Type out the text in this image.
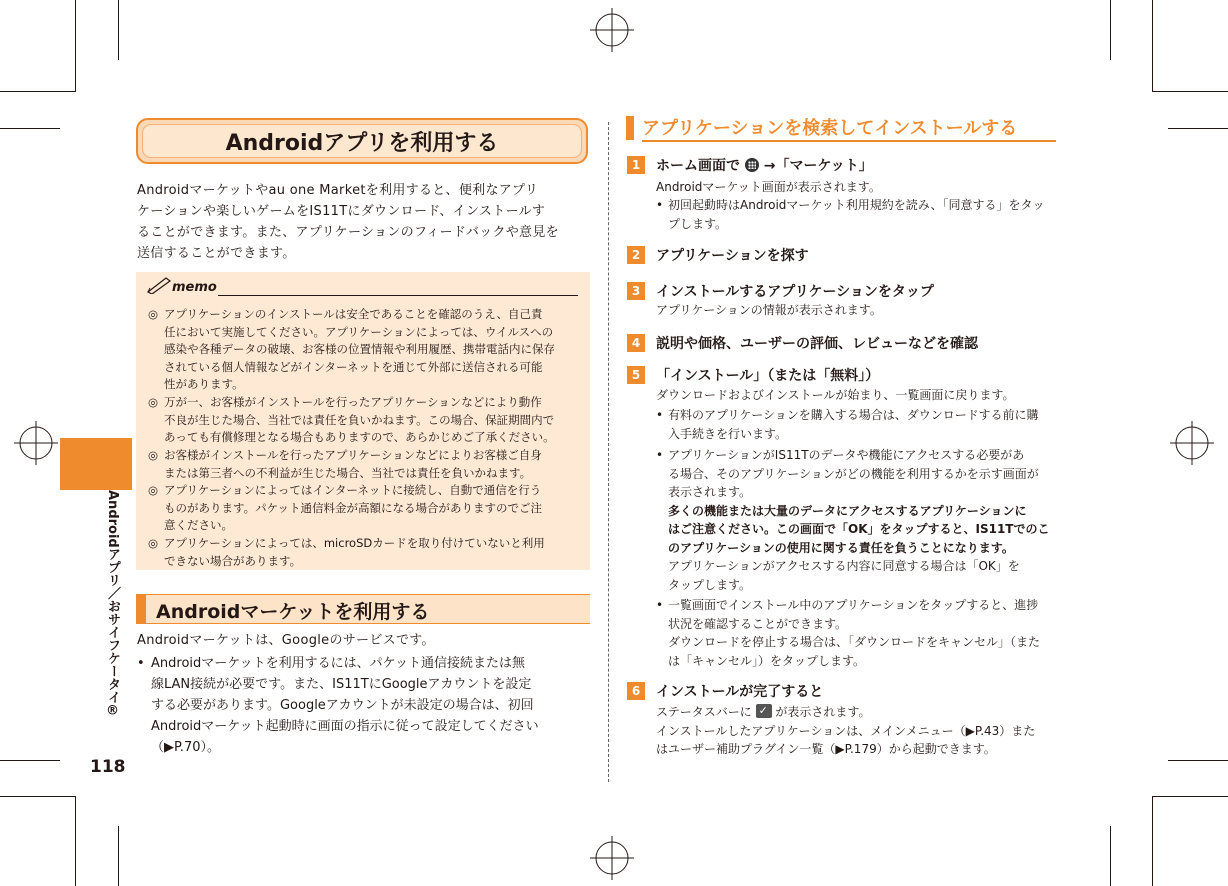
Androidアプリ／おサイフケータイ®
118
Androidアプリを利用する
Androidマーケットやau one Marketを利用すると、便利なアプリ
ケーションや楽しいゲームをIS11Tにダウンロード、インストールす
ることができます。また、アプリケーションのフィードバックや意見を
送信することができます。
memo
◎ アプリケーションのインストールは安全であることを確認のうえ、自己責
任において実施してください。アプリケーションによっては、ウイルスへの
感染や各種データの破壊、お客様の位置情報や利用履歴、携帯電話内に保存
されている個人情報などがインターネットを通じて外部に送信される可能
性があります。
◎ 万が一、お客様がインストールを行ったアプリケーションなどにより動作
不良が生じた場合、当社では責任を負いかねます。この場合、保証期間内で
あっても有償修理となる場合もありますので、あらかじめご了承ください。
◎ お客様がインストールを行ったアプリケーションなどによりお客様ご自身
または第三者への不利益が生じた場合、当社では責任を負いかねます。
◎ アプリケーションによってはインターネットに接続し、自動で通信を行う
ものがあります。パケット通信料金が高額になる場合がありますのでご注
意ください。
◎ アプリケーションによっては、microSDカードを取り付けていないと利用
できない場合があります。
Androidマーケットを利用する
Androidマーケットは、Googleのサービスです。
• Androidマーケットを利用するには、パケット通信接続または無
線LAN接続が必要です。また、IS11TにGoogleアカウントを設定
する必要があります。Googleアカウントが未設定の場合は、初回
Androidマーケット起動時に画面の指示に従って設定してください
（▶P.70）。
アプリケーションを検索してインストールする
1	ホーム画面で →「マーケット」
Androidマーケット画面が表示されます。
• 初回起動時はAndroidマーケット利用規約を読み、「同意する」をタッ
プします。
2	アプリケーションを探す
3	インストールするアプリケーションをタップ
アプリケーションの情報が表示されます。
4	説明や価格、ユーザーの評価、レビューなどを確認
5	「インストール」（または「無料」）
ダウンロードおよびインストールが始まり、一覧画面に戻ります。
• 有料のアプリケーションを購入する場合は、ダウンロードする前に購
入手続きを行います。
• アプリケーションがIS11Tのデータや機能にアクセスする必要があ
る場合、そのアプリケーションがどの機能を利用するかを示す画面が
表示されます。
多くの機能または大量のデータにアクセスするアプリケーションに
はご注意ください。この画面で「OK」をタップすると、IS11Tでのこ
のアプリケーションの使用に関する責任を負うことになります。
アプリケーションがアクセスする内容に同意する場合は「OK」を
タップします。
• 一覧画面でインストール中のアプリケーションをタップすると、進捗
状況を確認することができます。
ダウンロードを停止する場合は、「ダウンロードをキャンセル」（また
は「キャンセル」）をタップします。
6	インストールが完了すると
ステータスバーに ✓ が表示されます。
インストールしたアプリケーションは、メインメニュー（▶P.43）また
はユーザー補助プラグイン一覧（▶P.179）から起動できます。
